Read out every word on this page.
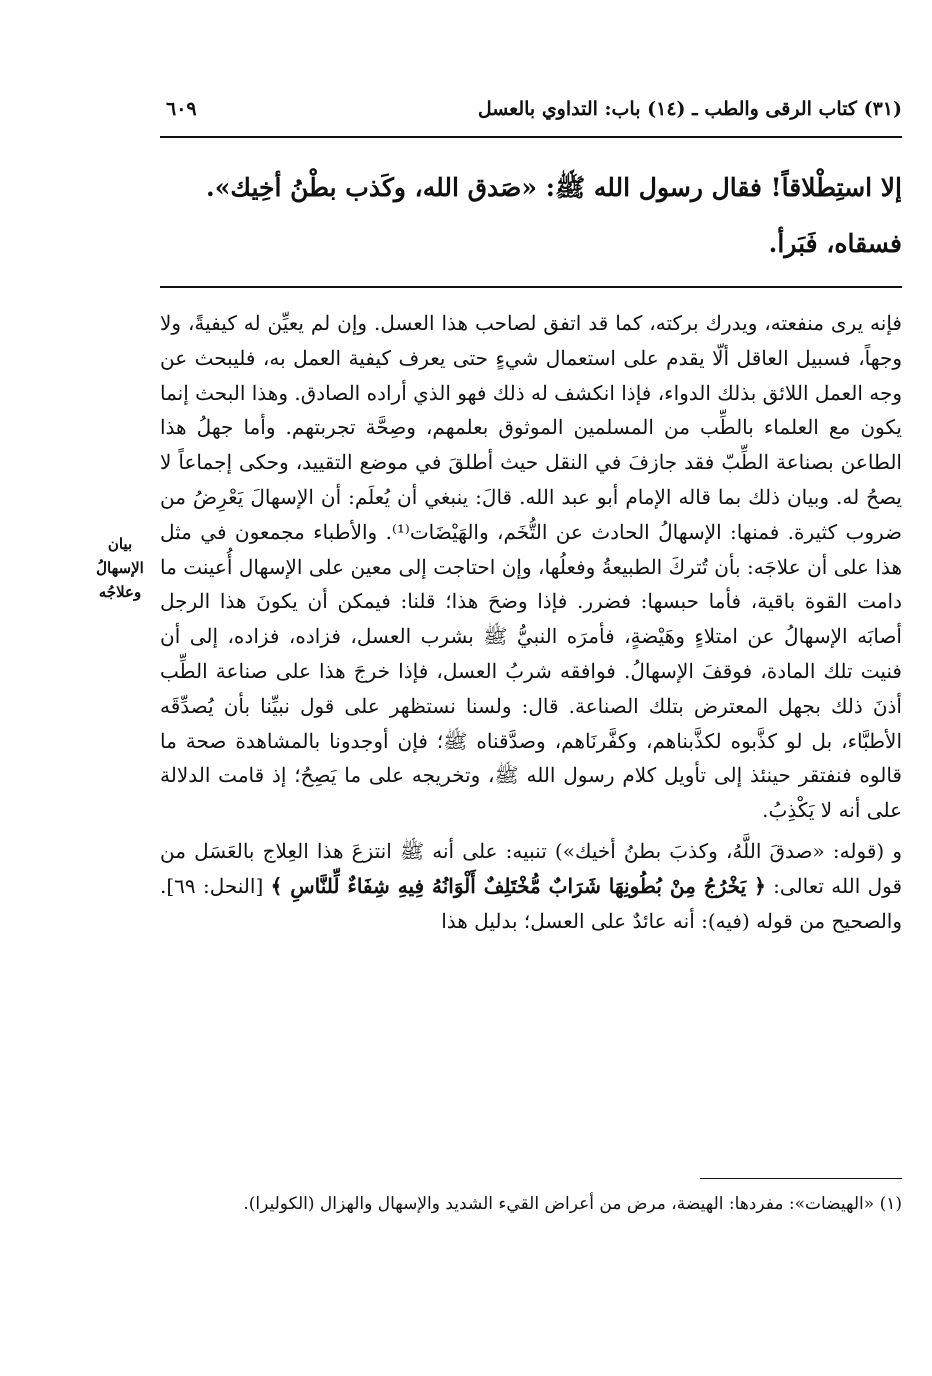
(٣١) كتاب الرقى والطب ـ (١٤) باب: التداوي بالعسل
٦٠٩

إلا استِطْلاقاً! فقال رسول الله ﷺ: «صَدق الله، وكَذب بطْنُ أخِيك».

فسقاه، فَبَرأ.

فإنه يرى منفعته، ويدرك بركته، كما قد اتفق لصاحب هذا العسل. وإن لم يعيِّن له كيفيةً، ولا وجهاً، فسبيل العاقل ألّا يقدم على استعمال شيءٍ حتى يعرف كيفية العمل به، فليبحث عن وجه العمل اللائق بذلك الدواء، فإذا انكشف له ذلك فهو الذي أراده الصادق. وهذا البحث إنما يكون مع العلماء بالطِّب من المسلمين الموثوق بعلمهم، وصِحَّة تجربتهم. وأما جهلُ هذا الطاعن بصناعة الطِّبّ فقد جازفَ في النقل حيث أطلقَ في موضع التقييد، وحكى إجماعاً لا يصحُ له. وبيان ذلك بما قاله الإمام أبو عبد الله. قالَ: ينبغي أن يُعلَم: أن الإسهالَ يَعْرِضُ من ضروب كثيرة. فمنها: الإسهالُ الحادث عن التُّخَم، والهَيْضَات⁽¹⁾. والأطباء مجمعون في مثل هذا على أن علاجَه: بأن تُتركَ الطبيعةُ وفعلُها، وإن احتاجت إلى معين على الإسهال أُعينت ما دامت القوة باقية، فأما حبسها: فضرر. فإذا وضحَ هذا؛ قلنا: فيمكن أن يكونَ هذا الرجل أصابَه الإسهالُ عن امتلاءٍ وهَيْضةٍ، فأمرَه النبيُّ ﷺ بشرب العسل، فزاده، فزاده، إلى أن فنيت تلك المادة، فوقفَ الإسهالُ. فوافقه شربُ العسل، فإذا خرجَ هذا على صناعة الطِّب أذنَ ذلك بجهل المعترض بتلك الصناعة. قال: ولسنا نستظهر على قول نبيِّنا بأن يُصدِّقَه الأطبَّاء، بل لو كذَّبوه لكذَّبناهم، وكفَّرنَاهم، وصدَّقناه ﷺ؛ فإن أوجدونا بالمشاهدة صحة ما قالوه فنفتقر حينئذ إلى تأويل كلام رسول الله ﷺ، وتخريجه على ما يَصِحُ؛ إذ قامت الدلالة على أنه لا يَكْذِبُ.

و (قوله: «صدقَ اللَّهُ، وكذبَ بطنُ أخيك») تنبيه: على أنه ﷺ انتزعَ هذا العِلاج بالعَسَل من قول الله تعالى: ﴿ يَخْرُجُ مِنْ بُطُونِهَا شَرَابٌ مُّخْتَلِفٌ أَلْوَانُهُ فِيهِ شِفَاءٌ لِّلنَّاسِ ﴾ [النحل: ٦٩]. والصحيح من قوله (فيه): أنه عائدٌ على العسل؛ بدليل هذا

بيان الإسهالُ
وعلاجُه

(١) «الهيضات»: مفردها: الهيضة، مرض من أعراض القيء الشديد والإسهال والهزال (الكوليرا).
